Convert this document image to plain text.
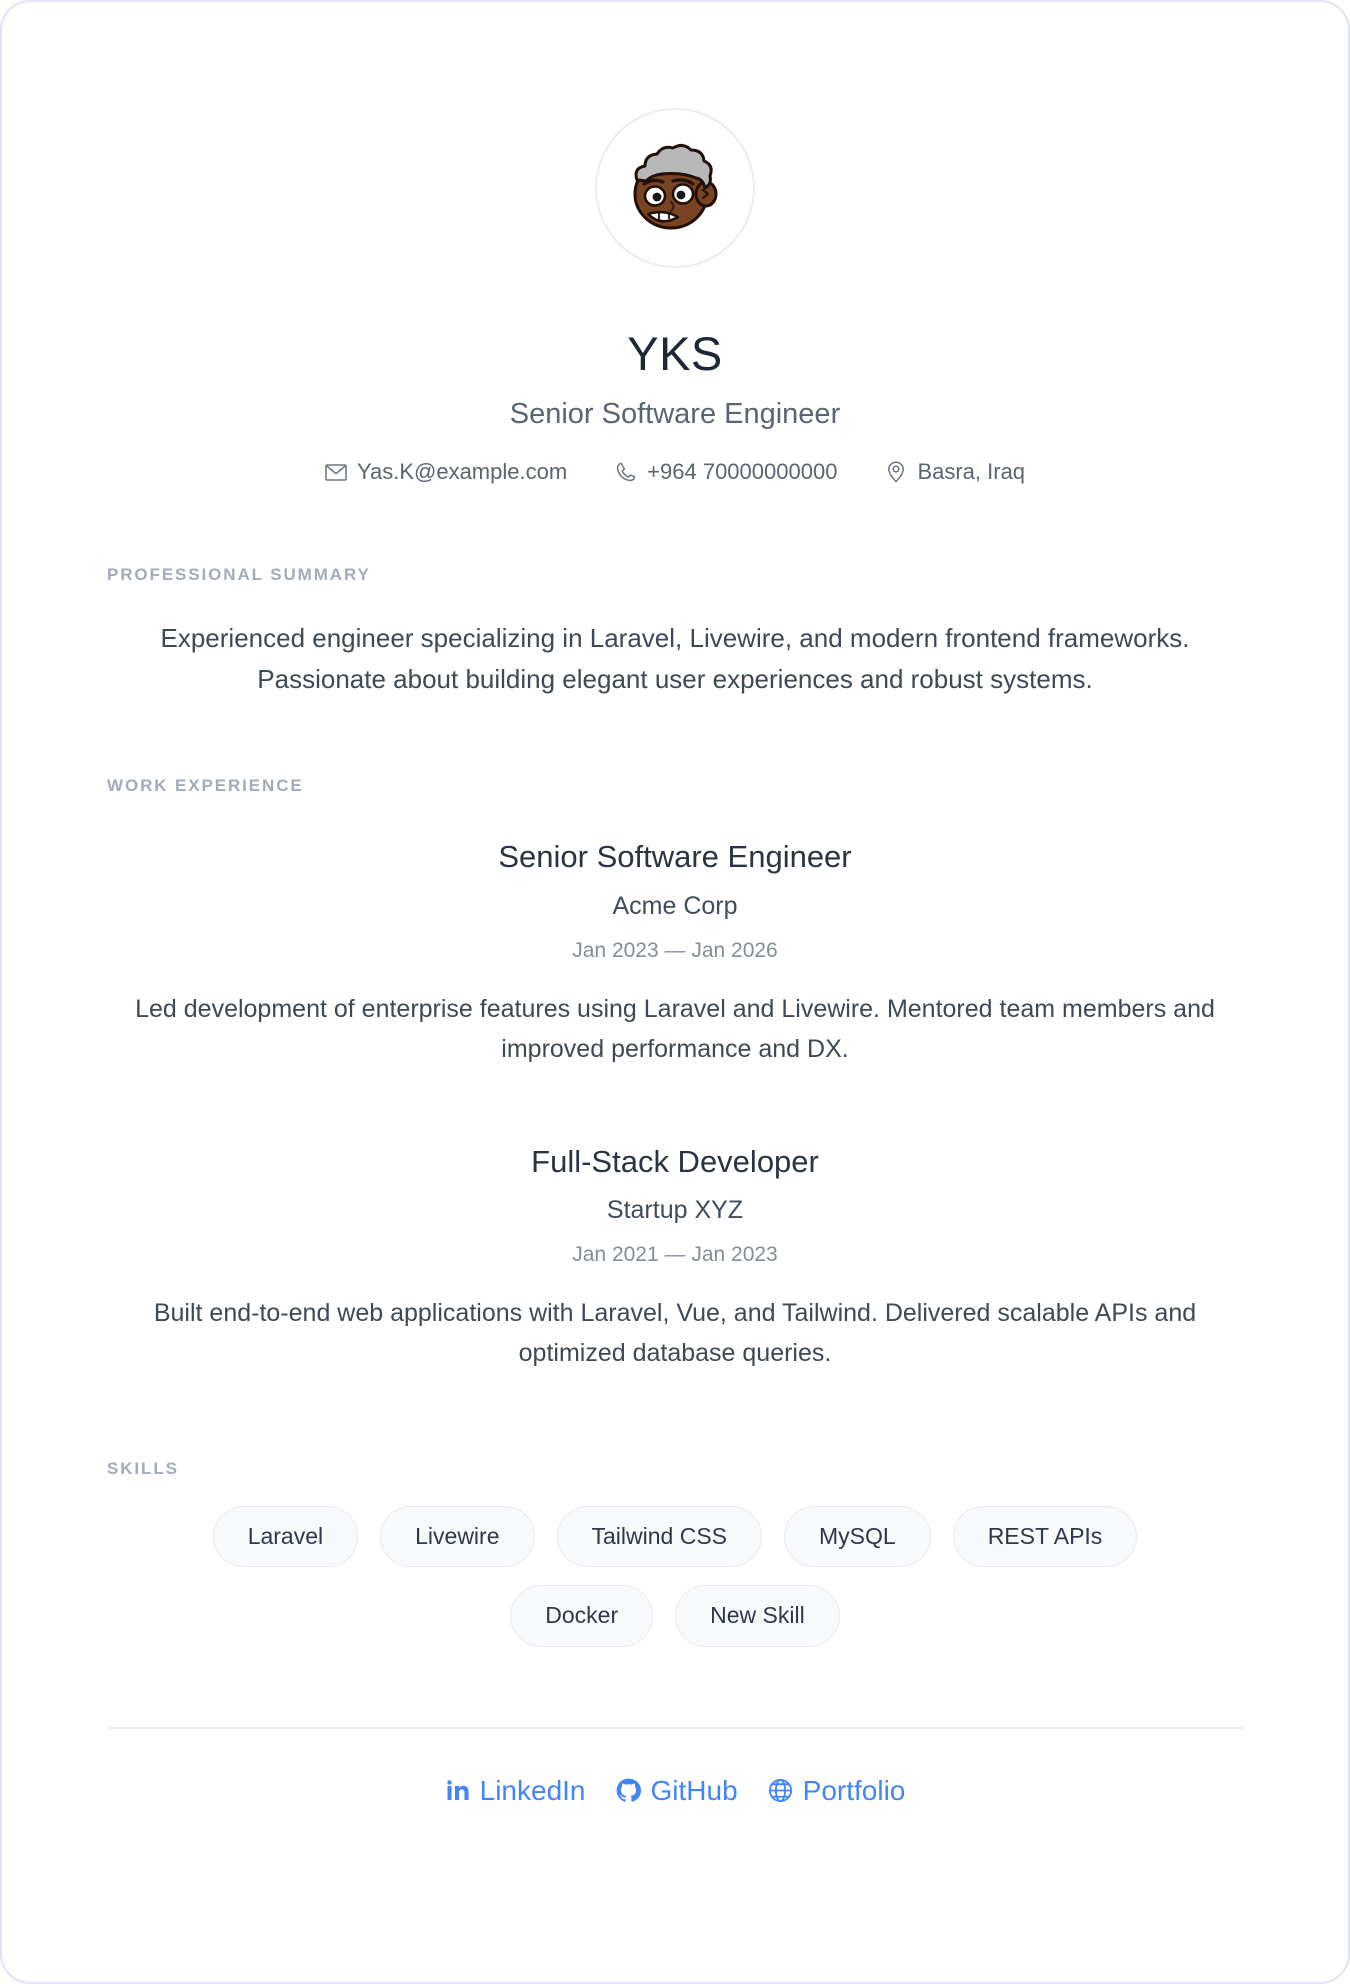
YKS
Senior Software Engineer
Yas.K@example.com	+964 70000000000	Basra, Iraq
PROFESSIONAL SUMMARY
Experienced engineer specializing in Laravel, Livewire, and modern frontend frameworks. Passionate about building elegant user experiences and robust systems.
WORK EXPERIENCE
Senior Software Engineer
Acme Corp
Jan 2023 — Jan 2026
Led development of enterprise features using Laravel and Livewire. Mentored team members and improved performance and DX.
Full-Stack Developer
Startup XYZ
Jan 2021 — Jan 2023
Built end-to-end web applications with Laravel, Vue, and Tailwind. Delivered scalable APIs and optimized database queries.
SKILLS
Laravel	Livewire	Tailwind CSS	MySQL	REST APIs
Docker	New Skill
LinkedIn GitHub Portfolio
